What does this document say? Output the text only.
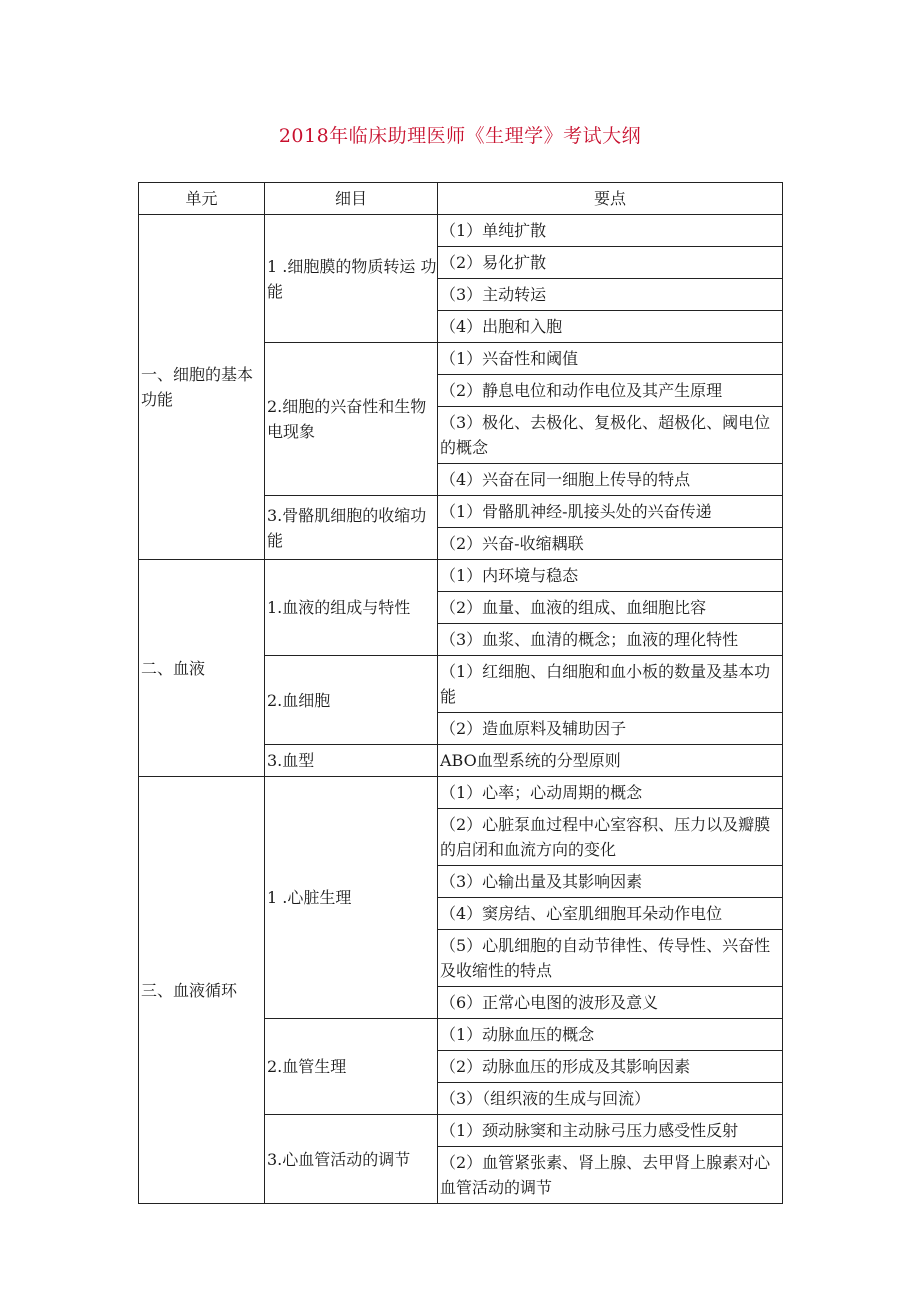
2018年临床助理医师《生理学》考试大纲
单元	细目	要点
一、细胞的基本 功能	1 .细胞膜的物质转运 功能	（1）单纯扩散
		（2）易化扩散
		（3）主动转运
		（4）出胞和入胞
	2.细胞的兴奋性和生物电现象	（1）兴奋性和阈值
		（2）静息电位和动作电位及其产生原理
		（3）极化、去极化、复极化、超极化、阈电位的概念
		（4）兴奋在同一细胞上传导的特点
	3.骨骼肌细胞的收缩功能	（1）骨骼肌神经-肌接头处的兴奋传递
		（2）兴奋-收缩耦联
二、血液	1.血液的组成与特性	（1）内环境与稳态
		（2）血量、血液的组成、血细胞比容
		（3）血浆、血清的概念；血液的理化特性
	2.血细胞	（1）红细胞、白细胞和血小板的数量及基本功能
		（2）造血原料及辅助因子
	3.血型	ABO血型系统的分型原则
三、血液循环	1 .心脏生理	（1）心率；心动周期的概念
		（2）心脏泵血过程中心室容积、压力以及瓣膜的启闭和血流方向的变化
		（3）心输出量及其影响因素
		（4）窦房结、心室肌细胞耳朵动作电位
		（5）心肌细胞的自动节律性、传导性、兴奋性及收缩性的特点
		（6）正常心电图的波形及意义
	2.血管生理	（1）动脉血压的概念
		（2）动脉血压的形成及其影响因素
		（3）（组织液的生成与回流）
	3.心血管活动的调节	（1）颈动脉窦和主动脉弓压力感受性反射
		（2）血管紧张素、肾上腺、去甲肾上腺素对心血管活动的调节
